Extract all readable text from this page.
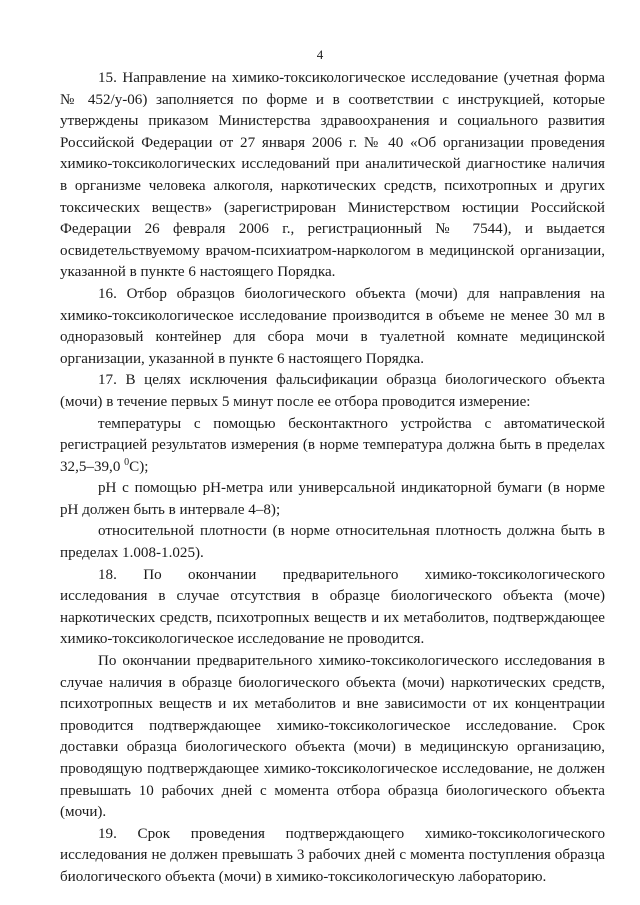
4

15. Направление на химико-токсикологическое исследование (учетная форма № 452/у-06) заполняется по форме и в соответствии с инструкцией, которые утверждены приказом Министерства здравоохранения и социального развития Российской Федерации от 27 января 2006 г. № 40 «Об организации проведения химико-токсикологических исследований при аналитической диагностике наличия в организме человека алкоголя, наркотических средств, психотропных и других токсических веществ» (зарегистрирован Министерством юстиции Российской Федерации 26 февраля 2006 г., регистрационный № 7544), и выдается освидетельствуемому врачом-психиатром-наркологом в медицинской организации, указанной в пункте 6 настоящего Порядка.

16. Отбор образцов биологического объекта (мочи) для направления на химико-токсикологическое исследование производится в объеме не менее 30 мл в одноразовый контейнер для сбора мочи в туалетной комнате медицинской организации, указанной в пункте 6 настоящего Порядка.

17. В целях исключения фальсификации образца биологического объекта (мочи) в течение первых 5 минут после ее отбора проводится измерение:

температуры с помощью бесконтактного устройства с автоматической регистрацией результатов измерения (в норме температура должна быть в пределах 32,5–39,0 $^0$C);

pH с помощью pH-метра или универсальной индикаторной бумаги (в норме pH должен быть в интервале 4–8);

относительной плотности (в норме относительная плотность должна быть в пределах 1.008-1.025).

18. По окончании предварительного химико-токсикологического исследования в случае отсутствия в образце биологического объекта (моче) наркотических средств, психотропных веществ и их метаболитов, подтверждающее химико-токсикологическое исследование не проводится.

По окончании предварительного химико-токсикологического исследования в случае наличия в образце биологического объекта (мочи) наркотических средств, психотропных веществ и их метаболитов и вне зависимости от их концентрации проводится подтверждающее химико-токсикологическое исследование. Срок доставки образца биологического объекта (мочи) в медицинскую организацию, проводящую подтверждающее химико-токсикологическое исследование, не должен превышать 10 рабочих дней с момента отбора образца биологического объекта (мочи).

19. Срок проведения подтверждающего химико-токсикологического исследования не должен превышать 3 рабочих дней с момента поступления образца биологического объекта (мочи) в химико-токсикологическую лабораторию.
